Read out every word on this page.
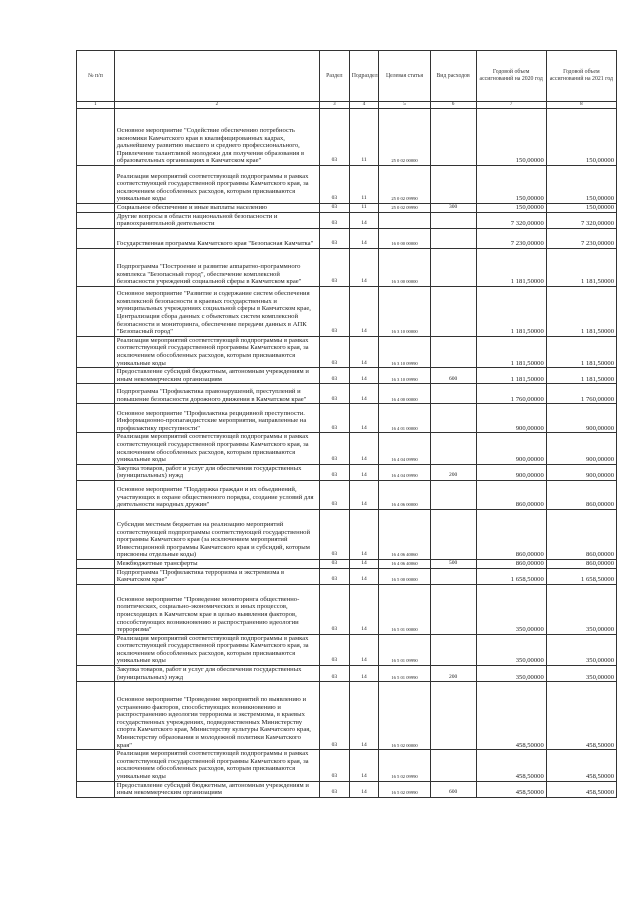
№ п/п		Раздел	Подраздел	Целевая статья	Вид расходов	Годовой объем ассигнований на 2020 год	Годовой объем ассигнований на 2021 год
1	2	3	4	5	6	7	8
	Основное мероприятие "Содействие обеспечению потребность экономики Камчатского края в квалифицированных кадрах, дальнейшему развитию высшего и среднего профессионального, Привлечение талантливой молодежи для получения образования в образовательных организациях в Камчатском крае"	03	11	25 0 02 00000		150,00000	150,00000
	Реализация мероприятий соответствующей подпрограммы в рамках соответствующей государственной программы Камчатского края, за исключением обособленных расходов, которым присваиваются уникальные коды	03	11	25 0 02 09990		150,00000	150,00000
	Социальное обеспечение и иные выплаты населению	03	11	25 0 02 09990	300	150,00000	150,00000
	Другие вопросы в области национальной безопасности и правоохранительной деятельности	03	14			7 320,00000	7 320,00000
	Государственная программа Камчатского края "Безопасная Камчатка"	03	14	16 0 00 00000		7 230,00000	7 230,00000
	Подпрограмма "Построение и развитие аппаратно-программного комплекса "Безопасный город", обеспечение комплексной безопасности учреждений социальной сферы в Камчатском крае"	03	14	16 3 00 00000		1 181,50000	1 181,50000
	Основное мероприятие "Развитие и содержание систем обеспечения комплексной безопасности в краевых государственных и муниципальных учреждениях социальной сферы в Камчатском крае, Централизация сбора данных с объектовых систем комплексной безопасности и мониторинга, обеспечение передачи данных в АПК "Безопасный город"	03	14	16 3 10 00000		1 181,50000	1 181,50000
	Реализация мероприятий соответствующей подпрограммы в рамках соответствующей государственной программы Камчатского края, за исключением обособленных расходов, которым присваиваются уникальные коды	03	14	16 3 10 09990		1 181,50000	1 181,50000
	Предоставление субсидий бюджетным, автономным учреждениям и иным некоммерческим организациям	03	14	16 3 10 09990	600	1 181,50000	1 181,50000
	Подпрограмма "Профилактика правонарушений, преступлений и повышение безопасности дорожного движения в Камчатском крае"	03	14	16 4 00 00000		1 760,00000	1 760,00000
	Основное мероприятие "Профилактика рецидивной преступности. Информационно-пропагандистские мероприятия, направленные на профилактику преступности"	03	14	16 4 01 00000		900,00000	900,00000
	Реализация мероприятий соответствующей подпрограммы в рамках соответствующей государственной программы Камчатского края, за исключением обособленных расходов, которым присваиваются уникальные коды	03	14	16 4 04 09990		900,00000	900,00000
	Закупка товаров, работ и услуг для обеспечения государственных (муниципальных) нужд	03	14	16 4 04 09990	200	900,00000	900,00000
	Основное мероприятие "Поддержка граждан и их объединений, участвующих в охране общественного порядка, создание условий для деятельности народных дружин"	03	14	16 4 06 00000		860,00000	860,00000
	Субсидия местным бюджетам на реализацию мероприятий соответствующей подпрограммы соответствующей государственной программы Камчатского края (за исключением мероприятий Инвестиционной программы Камчатского края и субсидий, которым присвоены отдельные коды)	03	14	16 4 06 40060		860,00000	860,00000
	Межбюджетные трансферты	03	14	16 4 06 40060	500	860,00000	860,00000
	Подпрограмма "Профилактика терроризма и экстремизма в Камчатском крае"	03	14	16 5 00 00000		1 658,50000	1 658,50000
	Основное мероприятие "Проведение мониторинга общественно-политических, социально-экономических и иных процессов, происходящих в Камчатском крае в целью выявления факторов, способствующих возникновению и распространению идеологии терроризма"	03	14	16 5 01 00000		350,00000	350,00000
	Реализация мероприятий соответствующей подпрограммы в рамках соответствующей государственной программы Камчатского края, за исключением обособленных расходов, которым присваиваются уникальные коды	03	14	16 5 01 09990		350,00000	350,00000
	Закупка товаров, работ и услуг для обеспечения государственных (муниципальных) нужд	03	14	16 5 01 09990	200	350,00000	350,00000
	Основное мероприятие "Проведение мероприятий по выявлению и устранению факторов, способствующих возникновению и распространению идеологии терроризма и экстремизма, в краевых государственных учреждениях, подведомственных Министерству спорта Камчатского края, Министерству культуры Камчатского края, Министерству образования и молодежной политики Камчатского края"	03	14	16 5 02 00000		458,50000	458,50000
	Реализация мероприятий соответствующей подпрограммы в рамках соответствующей государственной программы Камчатского края, за исключением обособленных расходов, которым присваиваются уникальные коды	03	14	16 5 02 09990		458,50000	458,50000
	Предоставление субсидий бюджетным, автономным учреждениям и иным некоммерческим организациям	03	14	16 5 02 09990	600	458,50000	458,50000
